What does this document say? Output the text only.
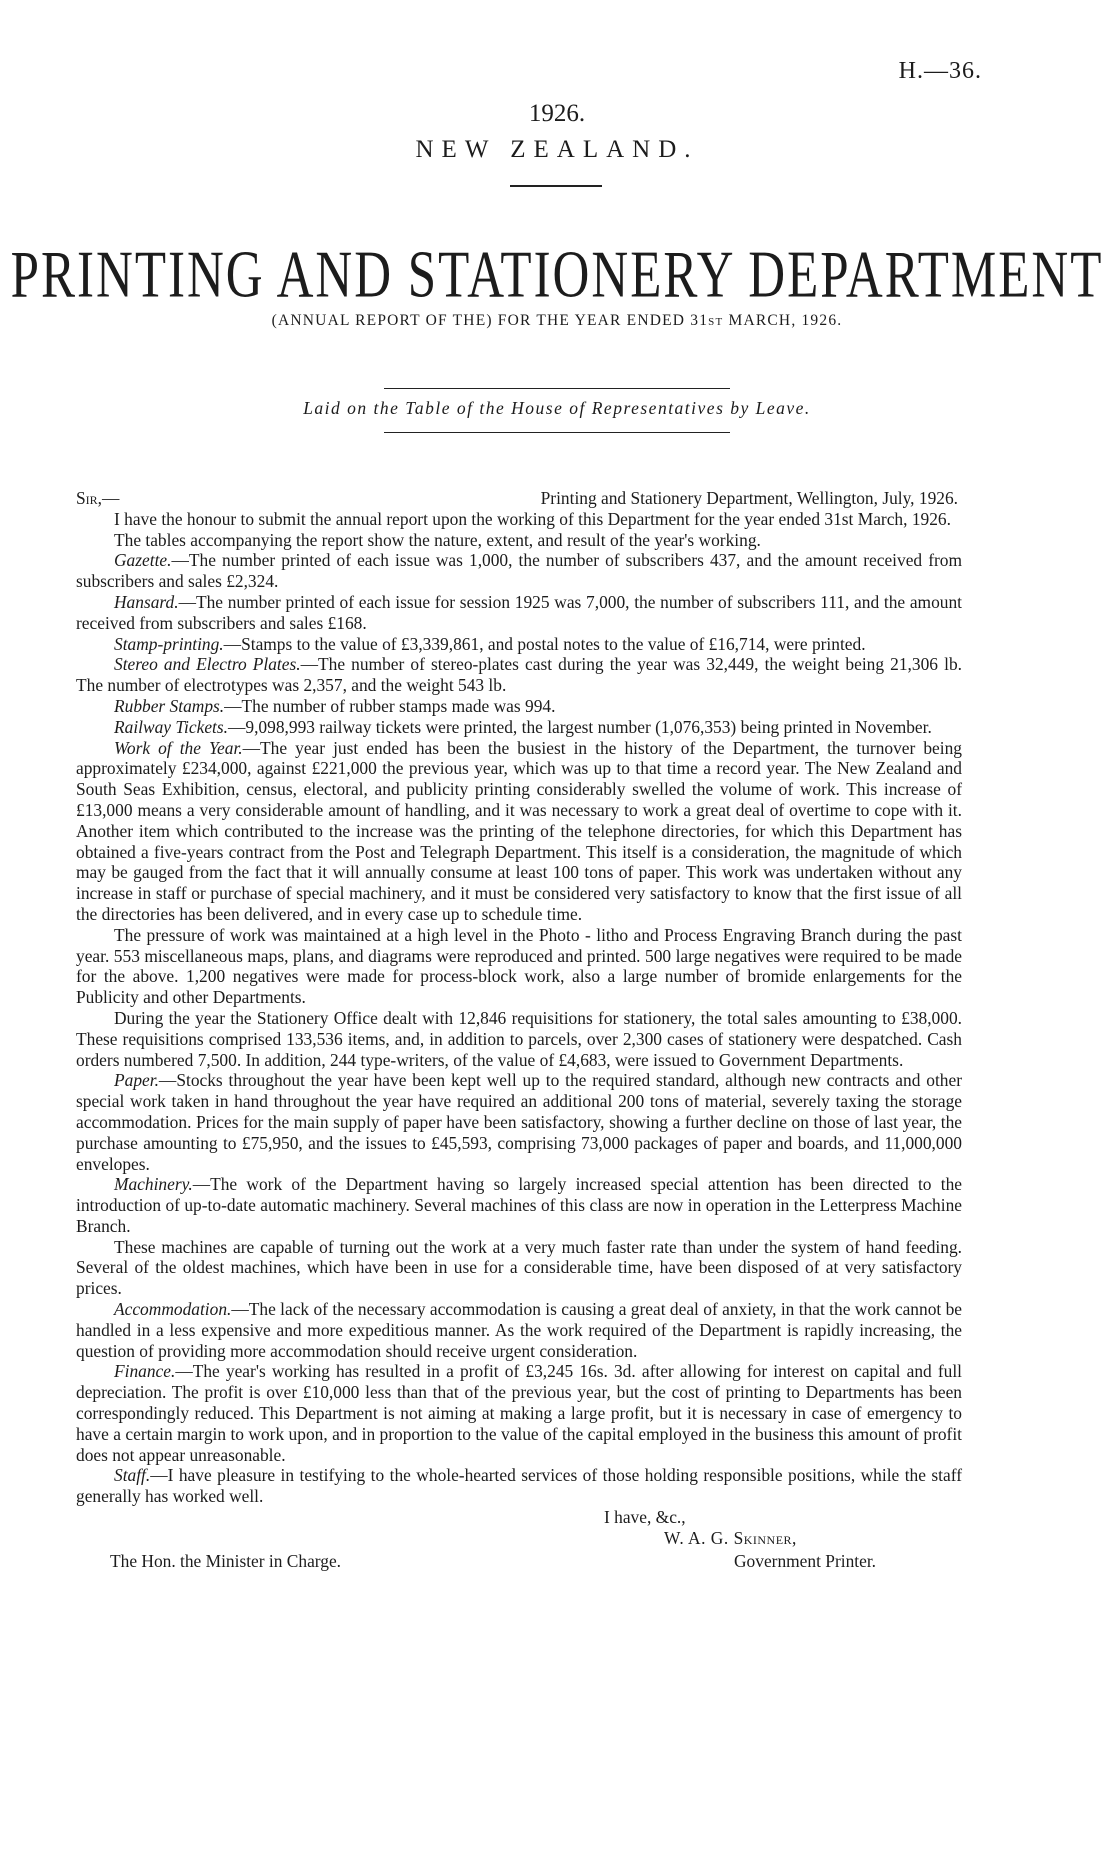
H.—36.
1926.
NEW ZEALAND.
PRINTING AND STATIONERY DEPARTMENT
(ANNUAL REPORT OF THE) FOR THE YEAR ENDED 31ST MARCH, 1926.
Laid on the Table of the House of Representatives by Leave.
Sir,—	Printing and Stationery Department, Wellington, July, 1926.

I have the honour to submit the annual report upon the working of this Department for the year ended 31st March, 1926.

The tables accompanying the report show the nature, extent, and result of the year's working.

Gazette.—The number printed of each issue was 1,000, the number of subscribers 437, and the amount received from subscribers and sales £2,324.

Hansard.—The number printed of each issue for session 1925 was 7,000, the number of subscribers 111, and the amount received from subscribers and sales £168.

Stamp-printing.—Stamps to the value of £3,339,861, and postal notes to the value of £16,714, were printed.

Stereo and Electro Plates.—The number of stereo-plates cast during the year was 32,449, the weight being 21,306 lb. The number of electrotypes was 2,357, and the weight 543 lb.

Rubber Stamps.—The number of rubber stamps made was 994.

Railway Tickets.—9,098,993 railway tickets were printed, the largest number (1,076,353) being printed in November.

Work of the Year.—The year just ended has been the busiest in the history of the Department, the turnover being approximately £234,000, against £221,000 the previous year, which was up to that time a record year. The New Zealand and South Seas Exhibition, census, electoral, and publicity printing considerably swelled the volume of work. This increase of £13,000 means a very considerable amount of handling, and it was necessary to work a great deal of overtime to cope with it. Another item which contributed to the increase was the printing of the telephone directories, for which this Department has obtained a five-years contract from the Post and Telegraph Department. This itself is a consideration, the magnitude of which may be gauged from the fact that it will annually consume at least 100 tons of paper. This work was undertaken without any increase in staff or purchase of special machinery, and it must be considered very satisfactory to know that the first issue of all the directories has been delivered, and in every case up to schedule time.

The pressure of work was maintained at a high level in the Photo - litho and Process Engraving Branch during the past year. 553 miscellaneous maps, plans, and diagrams were reproduced and printed. 500 large negatives were required to be made for the above. 1,200 negatives were made for process-block work, also a large number of bromide enlargements for the Publicity and other Departments.

During the year the Stationery Office dealt with 12,846 requisitions for stationery, the total sales amounting to £38,000. These requisitions comprised 133,536 items, and, in addition to parcels, over 2,300 cases of stationery were despatched. Cash orders numbered 7,500. In addition, 244 type-writers, of the value of £4,683, were issued to Government Departments.

Paper.—Stocks throughout the year have been kept well up to the required standard, although new contracts and other special work taken in hand throughout the year have required an additional 200 tons of material, severely taxing the storage accommodation. Prices for the main supply of paper have been satisfactory, showing a further decline on those of last year, the purchase amounting to £75,950, and the issues to £45,593, comprising 73,000 packages of paper and boards, and 11,000,000 envelopes.

Machinery.—The work of the Department having so largely increased special attention has been directed to the introduction of up-to-date automatic machinery. Several machines of this class are now in operation in the Letterpress Machine Branch.

These machines are capable of turning out the work at a very much faster rate than under the system of hand feeding. Several of the oldest machines, which have been in use for a considerable time, have been disposed of at very satisfactory prices.

Accommodation.—The lack of the necessary accommodation is causing a great deal of anxiety, in that the work cannot be handled in a less expensive and more expeditious manner. As the work required of the Department is rapidly increasing, the question of providing more accommodation should receive urgent consideration.

Finance.—The year's working has resulted in a profit of £3,245 16s. 3d. after allowing for interest on capital and full depreciation. The profit is over £10,000 less than that of the previous year, but the cost of printing to Departments has been correspondingly reduced. This Department is not aiming at making a large profit, but it is necessary in case of emergency to have a certain margin to work upon, and in proportion to the value of the capital employed in the business this amount of profit does not appear unreasonable.

Staff.—I have pleasure in testifying to the whole-hearted services of those holding responsible positions, while the staff generally has worked well.

I have, &c.,
W. A. G. Skinner,
The Hon. the Minister in Charge.	Government Printer.
